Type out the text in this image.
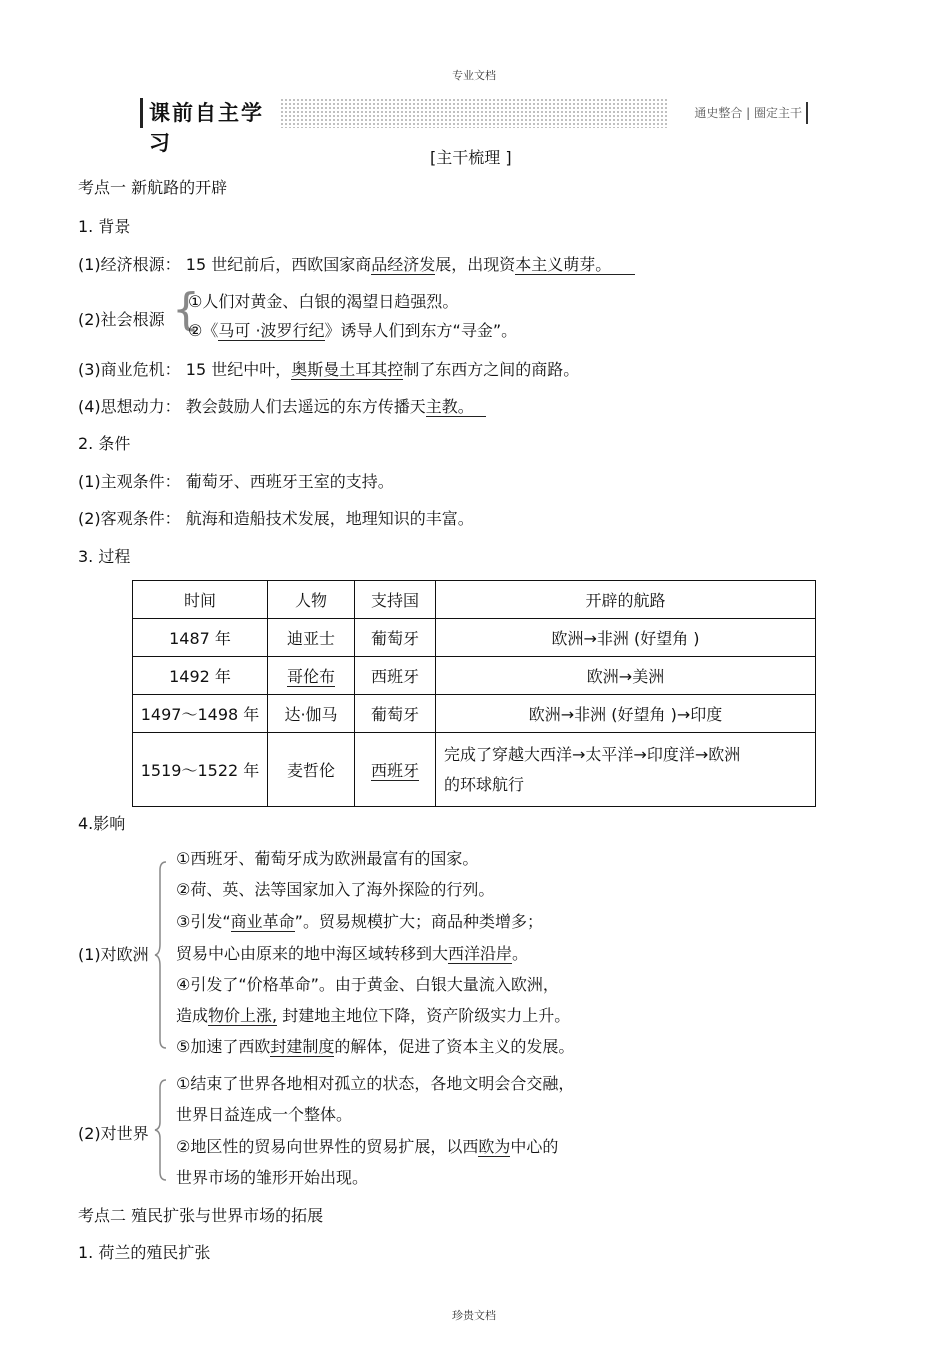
专业文档
课前自主学习
通史整合 | 圈定主干
[主干梳理 ]
考点一 新航路的开辟
1. 背景
(1)经济根源： 15 世纪前后，西欧国家商品经济发展，出现资本主义萌芽。
(2)社会根源 {
①人们对黄金、白银的渴望日趋强烈。
②《马可 ·波罗行纪》诱导人们到东方“寻金”。
(3)商业危机： 15 世纪中叶，奥斯曼土耳其控制了东西方之间的商路。
(4)思想动力： 教会鼓励人们去遥远的东方传播天主教。
2. 条件
(1)主观条件： 葡萄牙、西班牙王室的支持。
(2)客观条件： 航海和造船技术发展，地理知识的丰富。
3. 过程
时间	人物	支持国	开辟的航路
1487 年	迪亚士	葡萄牙	欧洲→非洲 (好望角 )
1492 年	哥伦布	西班牙	欧洲→美洲
1497～1498 年	达·伽马	葡萄牙	欧洲→非洲 (好望角 )→印度
1519～1522 年	麦哲伦	西班牙	完成了穿越大西洋→太平洋→印度洋→欧洲
的环球航行
4.影响
(1)对欧洲
①西班牙、葡萄牙成为欧洲最富有的国家。
②荷、英、法等国家加入了海外探险的行列。
③引发“商业革命”。贸易规模扩大；商品种类增多；
贸易中心由原来的地中海区域转移到大西洋沿岸。
④引发了“价格革命”。由于黄金、白银大量流入欧洲，
造成物价上涨, 封建地主地位下降，资产阶级实力上升。
⑤加速了西欧封建制度的解体，促进了资本主义的发展。
(2)对世界
①结束了世界各地相对孤立的状态，各地文明会合交融，
世界日益连成一个整体。
②地区性的贸易向世界性的贸易扩展，以西欧为中心的
世界市场的雏形开始出现。
考点二 殖民扩张与世界市场的拓展
1. 荷兰的殖民扩张
珍贵文档
